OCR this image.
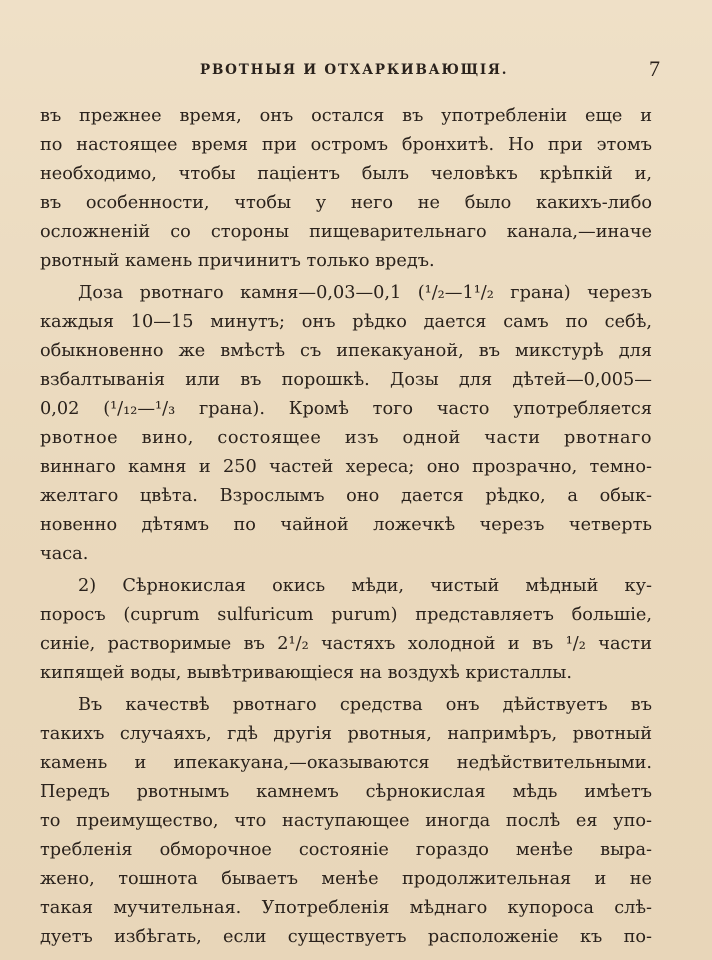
РВОТНЫЯ И ОТХАРКИВАЮЩІЯ.	7
въ прежнее время, онъ остался въ употребленіи еще и
по настоящее время при остромъ бронхитѣ. Но при этомъ
необходимо, чтобы паціентъ былъ человѣкъ крѣпкій и,
въ особенности, чтобы у него не было какихъ-либо
осложненій со стороны пищеварительнаго канала,—иначе
рвотный камень причинитъ только вредъ.
Доза рвотнаго камня—0,03—0,1 (¹/₂—1¹/₂ грана) черезъ
каждыя 10—15 минутъ; онъ рѣдко дается самъ по себѣ,
обыкновенно же вмѣстѣ съ ипекакуаной, въ микстурѣ для
взбалтыванія или въ порошкѣ. Дозы для дѣтей—0,005—
0,02 (¹/₁₂—¹/₃ грана). Кромѣ того часто употребляется
рвотное вино, состоящее изъ одной части рвотнаго
виннаго камня и 250 частей хереса; оно прозрачно, темно-
желтаго цвѣта. Взрослымъ оно дается рѣдко, а обык-
новенно дѣтямъ по чайной ложечкѣ черезъ четверть
часа.
2) Сѣрнокислая окись мѣди, чистый мѣдный ку-
поросъ (cuprum sulfuricum purum) представляетъ большіе,
синіе, растворимые въ 2¹/₂ частяхъ холодной и въ ¹/₂ части
кипящей воды, вывѣтривающіеся на воздухѣ кристаллы.
Въ качествѣ рвотнаго средства онъ дѣйствуетъ въ
такихъ случаяхъ, гдѣ другія рвотныя, напримѣръ, рвотный
камень и ипекакуана,—оказываются недѣйствительными.
Передъ рвотнымъ камнемъ сѣрнокислая мѣдь имѣетъ
то преимущество, что наступающее иногда послѣ ея упо-
требленія обморочное состояніе гораздо менѣе выра-
жено, тошнота бываетъ менѣе продолжительная и не
такая мучительная. Употребленія мѣднаго купороса слѣ-
дуетъ избѣгать, если существуетъ расположеніе къ по-
